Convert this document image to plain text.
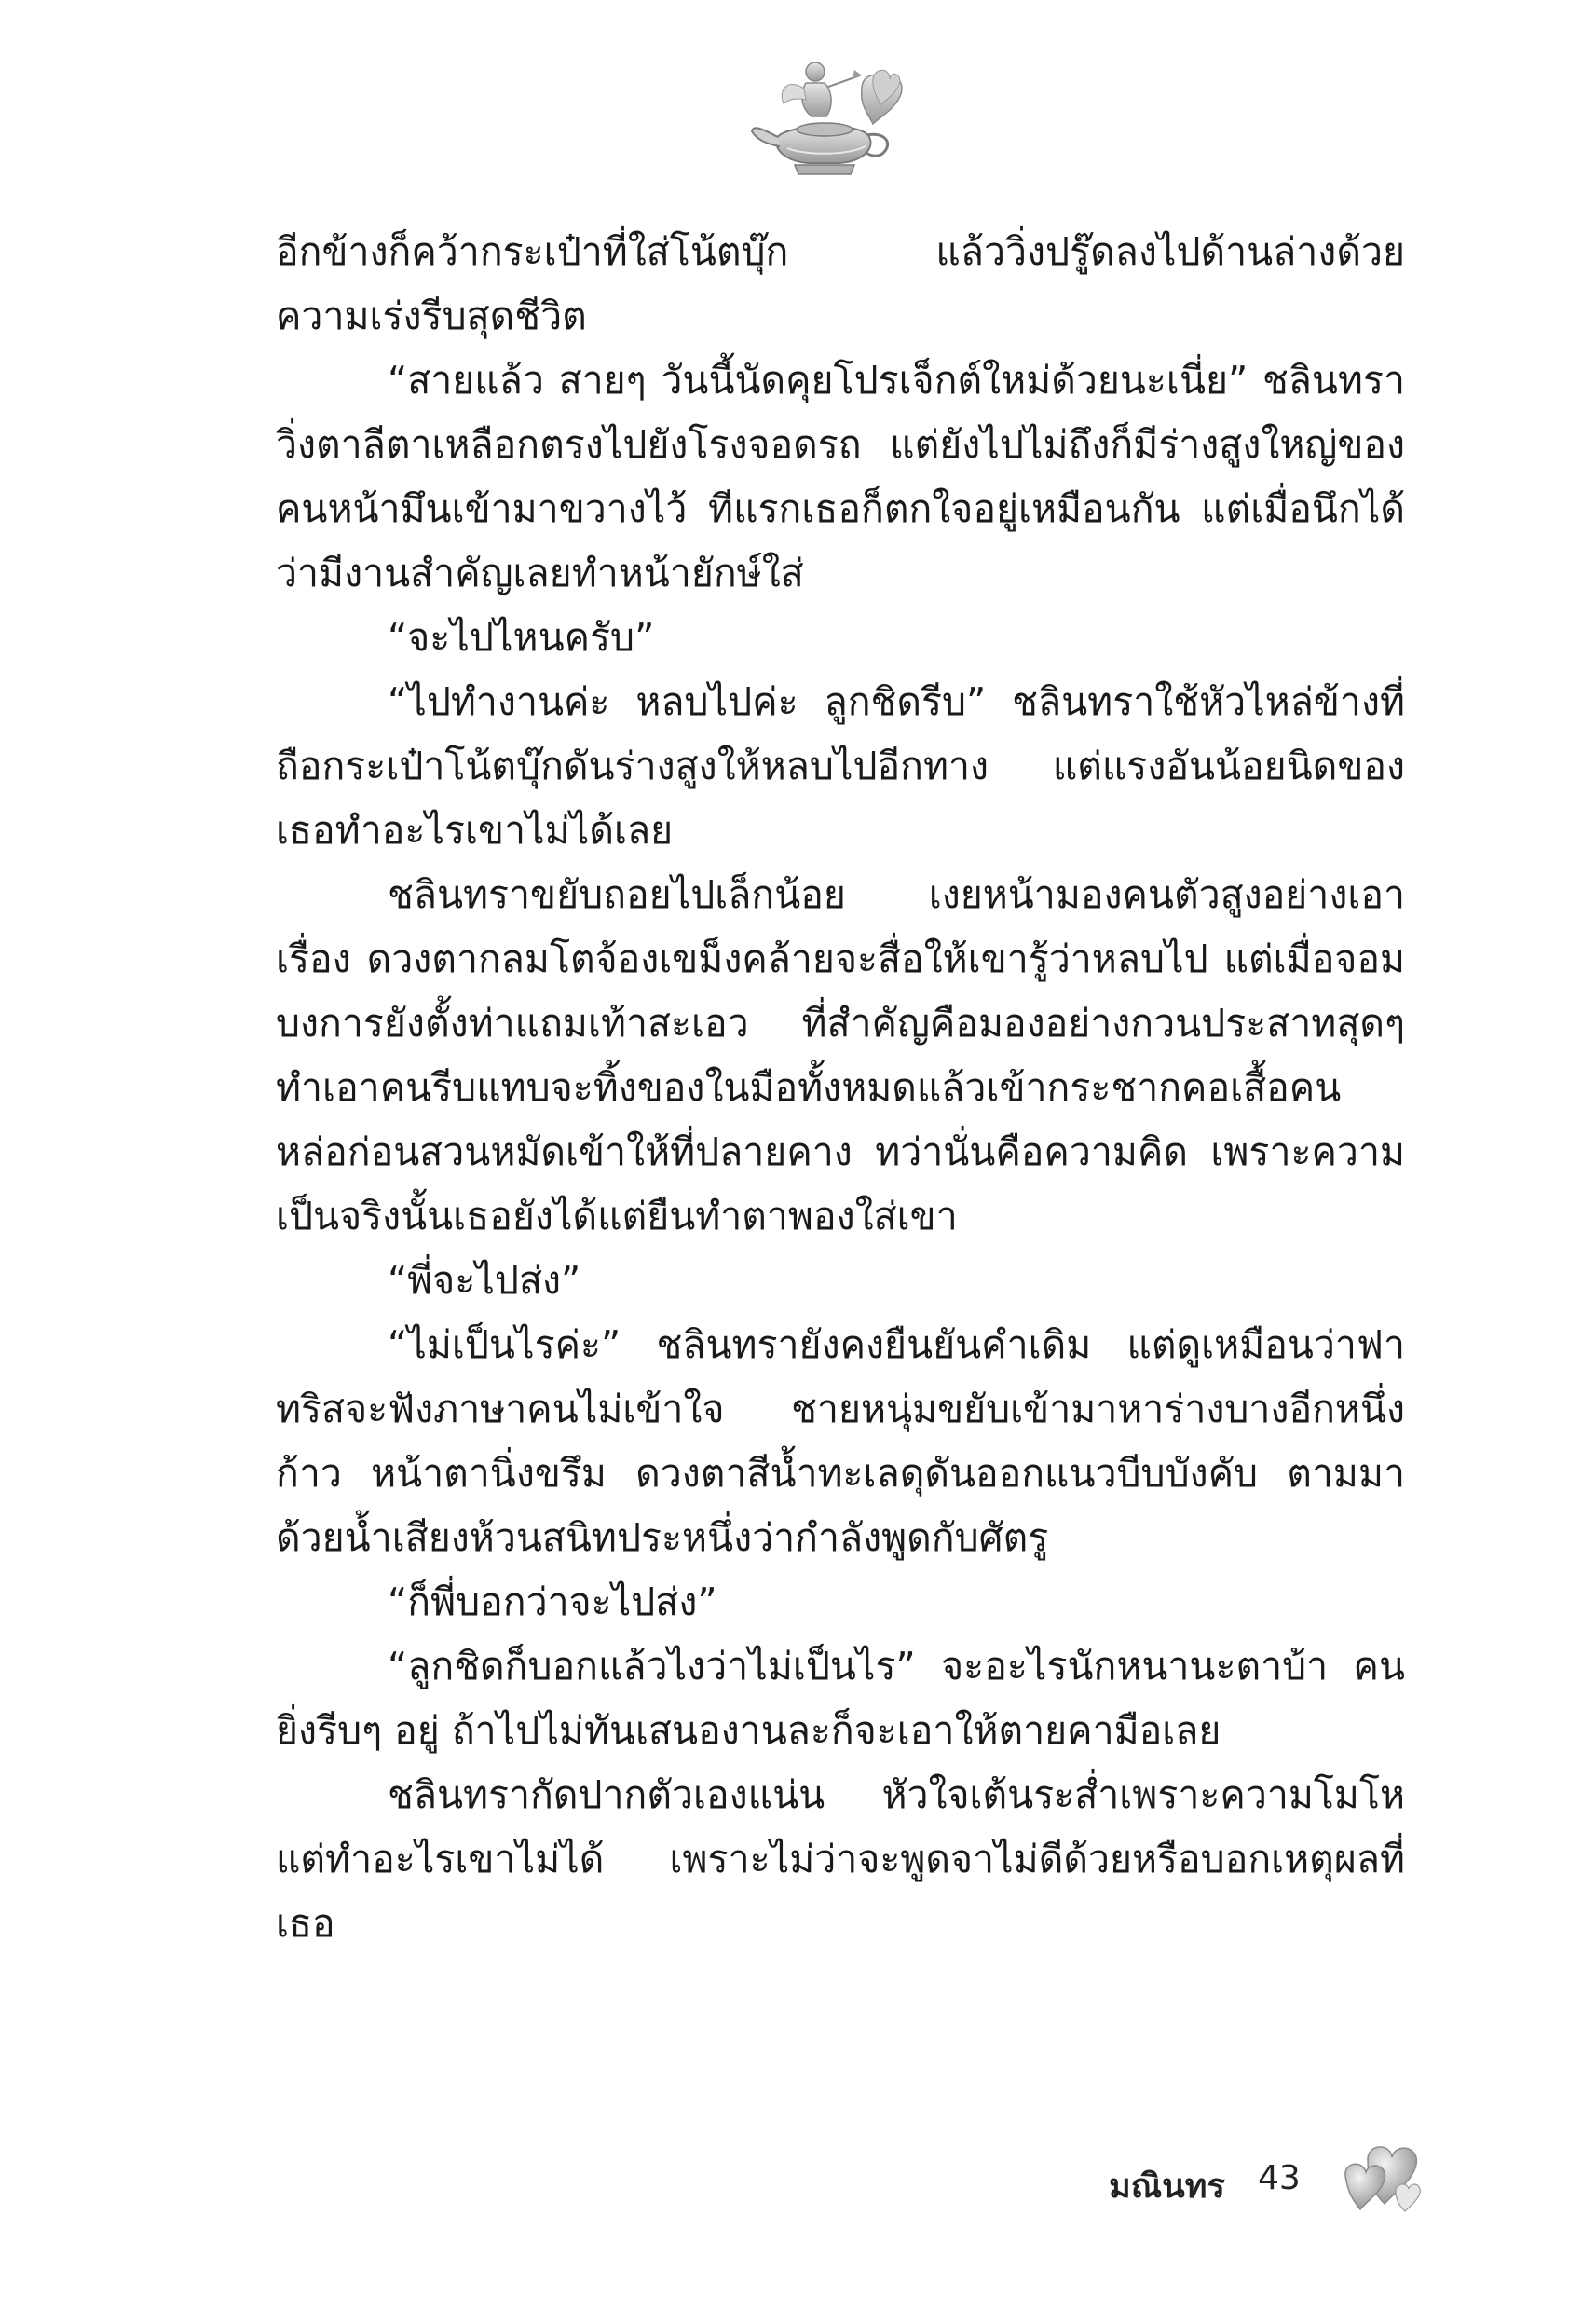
อีกข้างก็คว้ากระเป๋าที่ใส่โน้ตบุ๊ก แล้ววิ่งปรู๊ดลงไปด้านล่างด้วยความเร่งรีบสุดชีวิต

“สายแล้ว สายๆ วันนี้นัดคุยโปรเจ็กต์ใหม่ด้วยนะเนี่ย” ชลินทราวิ่งตาลีตาเหลือกตรงไปยังโรงจอดรถ แต่ยังไปไม่ถึงก็มีร่างสูงใหญ่ของคนหน้ามึนเข้ามาขวางไว้ ทีแรกเธอก็ตกใจอยู่เหมือนกัน แต่เมื่อนึกได้ว่ามีงานสำคัญเลยทำหน้ายักษ์ใส่

“จะไปไหนครับ”

“ไปทำงานค่ะ หลบไปค่ะ ลูกชิดรีบ” ชลินทราใช้หัวไหล่ข้างที่ถือกระเป๋าโน้ตบุ๊กดันร่างสูงให้หลบไปอีกทาง แต่แรงอันน้อยนิดของเธอทำอะไรเขาไม่ได้เลย

ชลินทราขยับถอยไปเล็กน้อย เงยหน้ามองคนตัวสูงอย่างเอาเรื่อง ดวงตากลมโตจ้องเขม็งคล้ายจะสื่อให้เขารู้ว่าหลบไป แต่เมื่อจอมบงการยังตั้งท่าแถมเท้าสะเอว ที่สำคัญคือมองอย่างกวนประสาทสุดๆ ทำเอาคนรีบแทบจะทิ้งของในมือทั้งหมดแล้วเข้ากระชากคอเสื้อคนหล่อก่อนสวนหมัดเข้าให้ที่ปลายคาง ทว่านั่นคือความคิด เพราะความเป็นจริงนั้นเธอยังได้แต่ยืนทำตาพองใส่เขา

“พี่จะไปส่ง”

“ไม่เป็นไรค่ะ” ชลินทรายังคงยืนยันคำเดิม แต่ดูเหมือนว่าฟาทริสจะฟังภาษาคนไม่เข้าใจ ชายหนุ่มขยับเข้ามาหาร่างบางอีกหนึ่งก้าว หน้าตานิ่งขรึม ดวงตาสีน้ำทะเลดุดันออกแนวบีบบังคับ ตามมาด้วยน้ำเสียงห้วนสนิทประหนึ่งว่ากำลังพูดกับศัตรู

“ก็พี่บอกว่าจะไปส่ง”

“ลูกชิดก็บอกแล้วไงว่าไม่เป็นไร” จะอะไรนักหนานะตาบ้า คนยิ่งรีบๆ อยู่ ถ้าไปไม่ทันเสนองานละก็จะเอาให้ตายคามือเลย

ชลินทรากัดปากตัวเองแน่น หัวใจเต้นระส่ำเพราะความโมโห แต่ทำอะไรเขาไม่ได้ เพราะไม่ว่าจะพูดจาไม่ดีด้วยหรือบอกเหตุผลที่เธอ

มณินทร 43
